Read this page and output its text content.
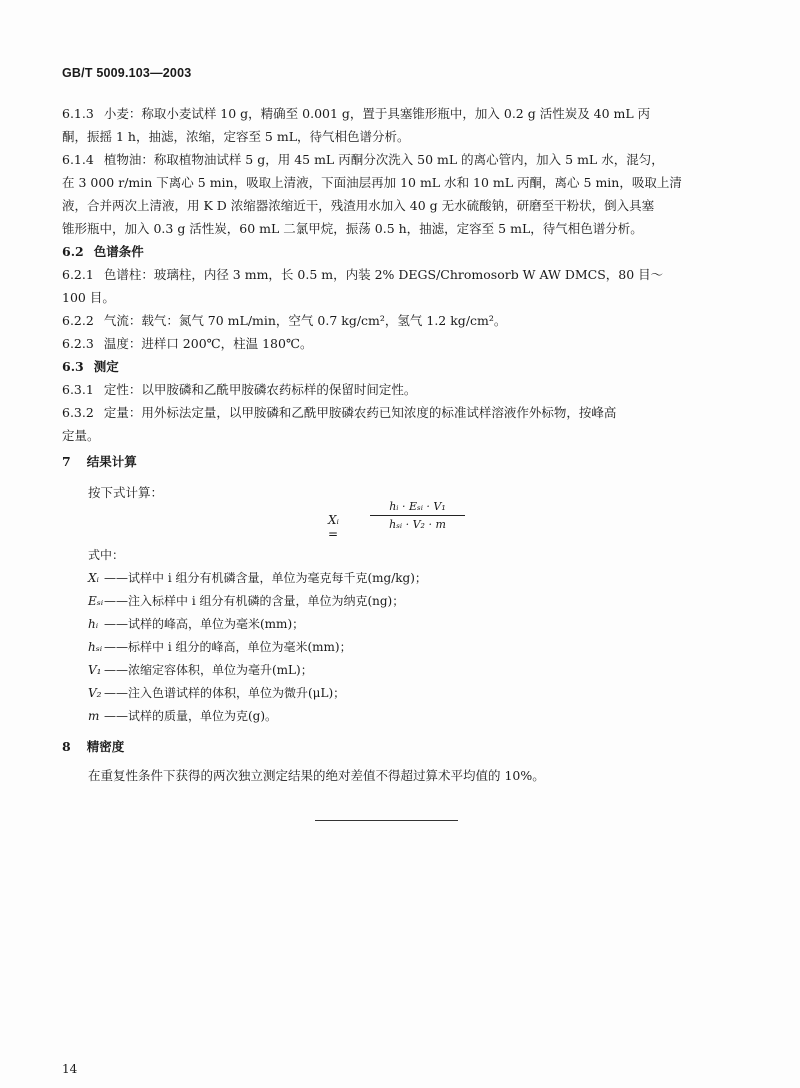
GB/T 5009.103—2003

6.1.3 小麦：称取小麦试样 10 g，精确至 0.001 g，置于具塞锥形瓶中，加入 0.2 g 活性炭及 40 mL 丙

酮，振摇 1 h，抽滤，浓缩，定容至 5 mL，待气相色谱分析。

6.1.4 植物油：称取植物油试样 5 g，用 45 mL 丙酮分次洗入 50 mL 的离心管内，加入 5 mL 水，混匀，

在 3 000 r/min 下离心 5 min，吸取上清液，下面油层再加 10 mL 水和 10 mL 丙酮，离心 5 min，吸取上清

液，合并两次上清液，用 K D 浓缩器浓缩近干，残渣用水加入 40 g 无水硫酸钠，研磨至干粉状，倒入具塞

锥形瓶中，加入 0.3 g 活性炭，60 mL 二氯甲烷，振荡 0.5 h，抽滤，定容至 5 mL，待气相色谱分析。

6.2 色谱条件

6.2.1 色谱柱：玻璃柱，内径 3 mm，长 0.5 m，内装 2% DEGS/Chromosorb W AW DMCS，80 目～

100 目。

6.2.2 气流：载气：氮气 70 mL/min，空气 0.7 kg/cm²，氢气 1.2 kg/cm²。

6.2.3 温度：进样口 200℃，柱温 180℃。

6.3 测定

6.3.1 定性：以甲胺磷和乙酰甲胺磷农药标样的保留时间定性。

6.3.2 定量：用外标法定量，以甲胺磷和乙酰甲胺磷农药已知浓度的标准试样溶液作外标物，按峰高

定量。

7 结果计算

按下式计算：

Xᵢ =
hᵢ · Eₛᵢ · V₁
hₛᵢ · V₂ · m

式中：

Xᵢ ——试样中 i 组分有机磷含量，单位为毫克每千克(mg/kg)；

Eₛᵢ——注入标样中 i 组分有机磷的含量，单位为纳克(ng)；

hᵢ ——试样的峰高，单位为毫米(mm)；

hₛᵢ ——标样中 i 组分的峰高，单位为毫米(mm)；

V₁ ——浓缩定容体积，单位为毫升(mL)；

V₂ ——注入色谱试样的体积，单位为微升(μL)；

m ——试样的质量，单位为克(g)。

8 精密度

在重复性条件下获得的两次独立测定结果的绝对差值不得超过算术平均值的 10%。

14
